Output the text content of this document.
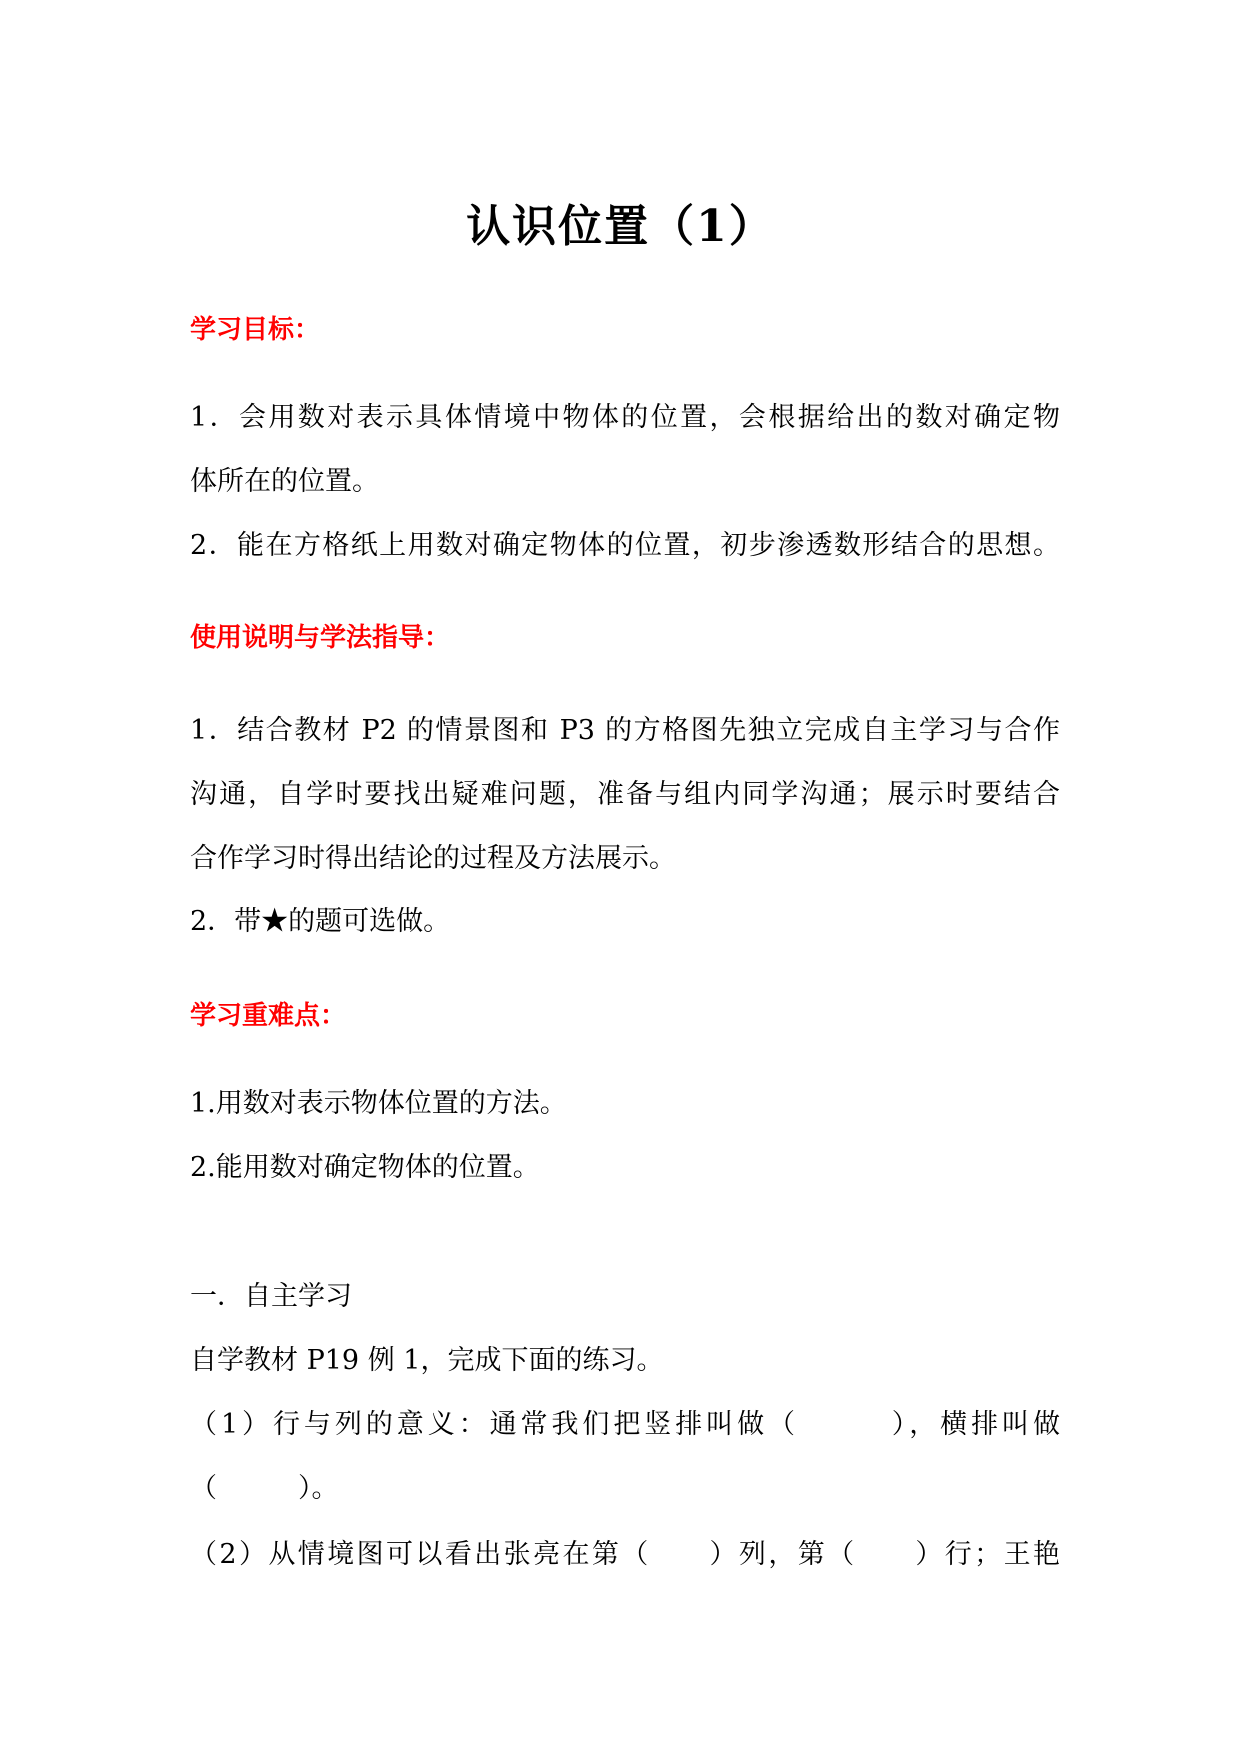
认识位置（1）
学习目标：
1．会用数对表示具体情境中物体的位置，会根据给出的数对确定物
体所在的位置。
2．能在方格纸上用数对确定物体的位置，初步渗透数形结合的思想。
使用说明与学法指导：
1．结合教材 P2 的情景图和 P3 的方格图先独立完成自主学习与合作
沟通，自学时要找出疑难问题，准备与组内同学沟通；展示时要结合
合作学习时得出结论的过程及方法展示。
2．带★的题可选做。
学习重难点：
1.用数对表示物体位置的方法。
2.能用数对确定物体的位置。
一．自主学习
自学教材 P19 例 1，完成下面的练习。
（1）行与列的意义：通常我们把竖排叫做（　　　），横排叫做
（　　　）。
（2）从情境图可以看出张亮在第（　　）列，第（　　）行；王艳
